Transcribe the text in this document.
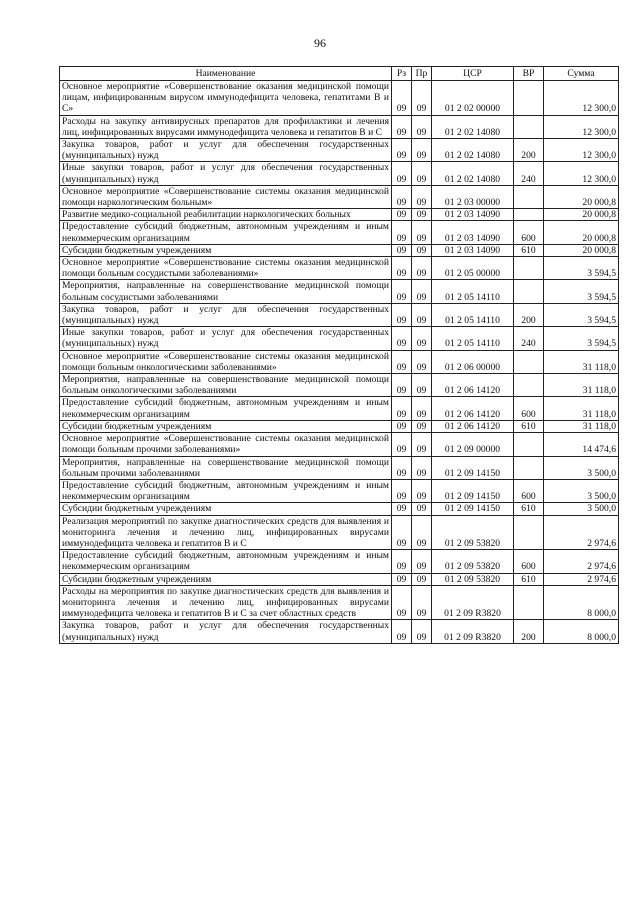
96
Наименование	Рз	Пр	ЦСР	ВР	Сумма
Основное мероприятие «Совершенствование оказания медицинской помощи лицам, инфицированным вирусом иммунодефицита человека, гепатитами В и С»	09	09	01 2 02 00000		12 300,0
Расходы на закупку антивирусных препаратов для профилактики и лечения лиц, инфицированных вирусами иммунодефицита человека и гепатитов В и С	09	09	01 2 02 14080		12 300,0
Закупка товаров, работ и услуг для обеспечения государственных (муниципальных) нужд	09	09	01 2 02 14080	200	12 300,0
Иные закупки товаров, работ и услуг для обеспечения государственных (муниципальных) нужд	09	09	01 2 02 14080	240	12 300,0
Основное мероприятие «Совершенствование системы оказания медицинской помощи наркологическим больным»	09	09	01 2 03 00000		20 000,8
Развитие медико-социальной реабилитации наркологических больных	09	09	01 2 03 14090		20 000,8
Предоставление субсидий бюджетным, автономным учреждениям и иным некоммерческим организациям	09	09	01 2 03 14090	600	20 000,8
Субсидии бюджетным учреждениям	09	09	01 2 03 14090	610	20 000,8
Основное мероприятие «Совершенствование системы оказания медицинской помощи больным сосудистыми заболеваниями»	09	09	01 2 05 00000		3 594,5
Мероприятия, направленные на совершенствование медицинской помощи больным сосудистыми заболеваниями	09	09	01 2 05 14110		3 594,5
Закупка товаров, работ и услуг для обеспечения государственных (муниципальных) нужд	09	09	01 2 05 14110	200	3 594,5
Иные закупки товаров, работ и услуг для обеспечения государственных (муниципальных) нужд	09	09	01 2 05 14110	240	3 594,5
Основное мероприятие «Совершенствование системы оказания медицинской помощи больным онкологическими заболеваниями»	09	09	01 2 06 00000		31 118,0
Мероприятия, направленные на совершенствование медицинской помощи больным онкологическими заболеваниями	09	09	01 2 06 14120		31 118,0
Предоставление субсидий бюджетным, автономным учреждениям и иным некоммерческим организациям	09	09	01 2 06 14120	600	31 118,0
Субсидии бюджетным учреждениям	09	09	01 2 06 14120	610	31 118,0
Основное мероприятие «Совершенствование системы оказания медицинской помощи больным прочими заболеваниями»	09	09	01 2 09 00000		14 474,6
Мероприятия, направленные на совершенствование медицинской помощи больным прочими заболеваниями	09	09	01 2 09 14150		3 500,0
Предоставление субсидий бюджетным, автономным учреждениям и иным некоммерческим организациям	09	09	01 2 09 14150	600	3 500,0
Субсидии бюджетным учреждениям	09	09	01 2 09 14150	610	3 500,0
Реализация мероприятий по закупке диагностических средств для выявления и мониторинга лечения и лечению лиц, инфицированных вирусами иммунодефицита человека и гепатитов В и С	09	09	01 2 09 53820		2 974,6
Предоставление субсидий бюджетным, автономным учреждениям и иным некоммерческим организациям	09	09	01 2 09 53820	600	2 974,6
Субсидии бюджетным учреждениям	09	09	01 2 09 53820	610	2 974,6
Расходы на мероприятия по закупке диагностических средств для выявления и мониторинга лечения и лечению лиц, инфицированных вирусами иммунодефицита человека и гепатитов В и С за счет областных средств	09	09	01 2 09 R3820		8 000,0
Закупка товаров, работ и услуг для обеспечения государственных (муниципальных) нужд	09	09	01 2 09 R3820	200	8 000,0
